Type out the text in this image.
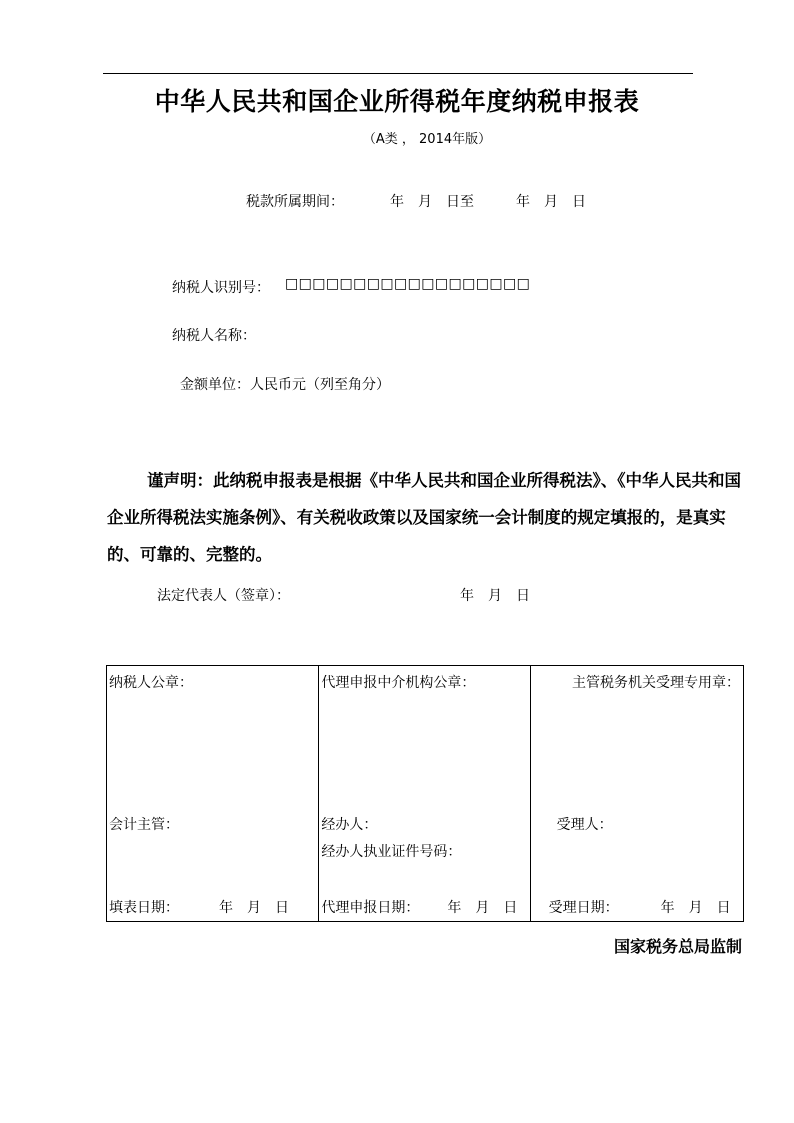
中华人民共和国企业所得税年度纳税申报表
（A类 ， 2014年版）
税款所属期间：	年　月　日至　　　年　月　日
纳税人识别号： □□□□□□□□□□□□□□□□□□
纳税人名称：
金额单位：人民币元（列至角分）
谨声明：此纳税申报表是根据《中华人民共和国企业所得税法》、《中华人民共和国企业所得税法实施条例》、有关税收政策以及国家统一会计制度的规定填报的，是真实的、可靠的、完整的。
法定代表人（签章）：	年　月　日
纳税人公章：
会计主管：
填表日期：	年　月　日

代理申报中介机构公章：
经办人：
经办人执业证件号码：
代理申报日期： 年　月　日

主管税务机关受理专用章：
受理人：
受理日期：	年　月　日
国家税务总局监制
